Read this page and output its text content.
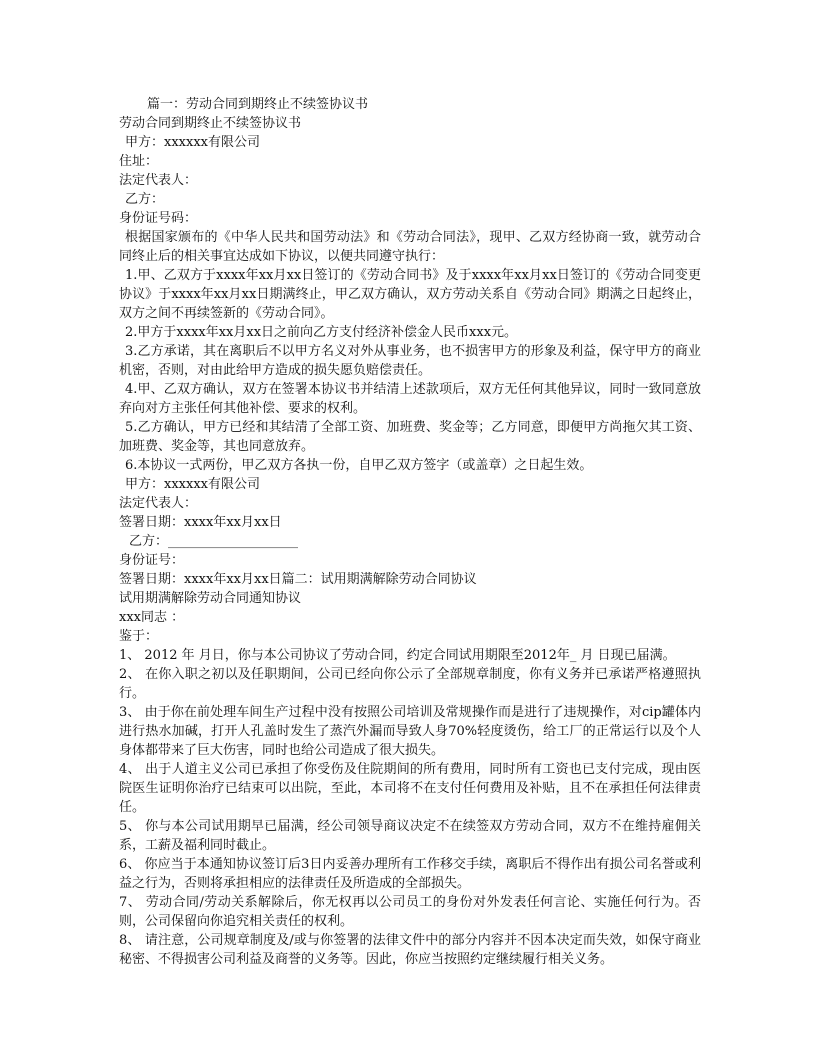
篇一：劳动合同到期终止不续签协议书
劳动合同到期终止不续签协议书
甲方：xxxxxx有限公司
住址：
法定代表人：
乙方：
身份证号码：
根据国家颁布的《中华人民共和国劳动法》和《劳动合同法》，现甲、乙双方经协商一致，就劳动合同终止后的相关事宜达成如下协议，以便共同遵守执行：
1.甲、乙双方于xxxx年xx月xx日签订的《劳动合同书》及于xxxx年xx月xx日签订的《劳动合同变更协议》于xxxx年xx月xx日期满终止，甲乙双方确认，双方劳动关系自《劳动合同》期满之日起终止，双方之间不再续签新的《劳动合同》。
2.甲方于xxxx年xx月xx日之前向乙方支付经济补偿金人民币xxx元。
3.乙方承诺，其在离职后不以甲方名义对外从事业务，也不损害甲方的形象及利益，保守甲方的商业机密，否则，对由此给甲方造成的损失愿负赔偿责任。
4.甲、乙双方确认，双方在签署本协议书并结清上述款项后，双方无任何其他异议，同时一致同意放弃向对方主张任何其他补偿、要求的权利。
5.乙方确认，甲方已经和其结清了全部工资、加班费、奖金等；乙方同意，即便甲方尚拖欠其工资、加班费、奖金等，其也同意放弃。
6.本协议一式两份，甲乙双方各执一份，自甲乙双方签字（或盖章）之日起生效。
甲方：xxxxxx有限公司
法定代表人：
签署日期：xxxx年xx月xx日
乙方：____________________
身份证号：
签署日期：xxxx年xx月xx日篇二：试用期满解除劳动合同协议
试用期满解除劳动合同通知协议
xxx同志 ：
鉴于：
1、 2012 年 月日，你与本公司协议了劳动合同，约定合同试用期限至2012年_ 月 日现已届满。
2、 在你入职之初以及任职期间，公司已经向你公示了全部规章制度，你有义务并已承诺严格遵照执行。
3、 由于你在前处理车间生产过程中没有按照公司培训及常规操作而是进行了违规操作，对cip罐体内进行热水加碱，打开人孔盖时发生了蒸汽外漏而导致人身70%轻度烫伤，给工厂的正常运行以及个人身体都带来了巨大伤害，同时也给公司造成了很大损失。
4、 出于人道主义公司已承担了你受伤及住院期间的所有费用，同时所有工资也已支付完成，现由医院医生证明你治疗已结束可以出院，至此，本司将不在支付任何费用及补贴，且不在承担任何法律责任。
5、 你与本公司试用期早已届满，经公司领导商议决定不在续签双方劳动合同，双方不在维持雇佣关系，工薪及福利同时截止。
6、 你应当于本通知协议签订后3日内妥善办理所有工作移交手续，离职后不得作出有损公司名誉或利益之行为，否则将承担相应的法律责任及所造成的全部损失。
7、 劳动合同/劳动关系解除后，你无权再以公司员工的身份对外发表任何言论、实施任何行为。否则，公司保留向你追究相关责任的权利。
8、 请注意，公司规章制度及/或与你签署的法律文件中的部分内容并不因本决定而失效，如保守商业秘密、不得损害公司利益及商誉的义务等。因此，你应当按照约定继续履行相关义务。
